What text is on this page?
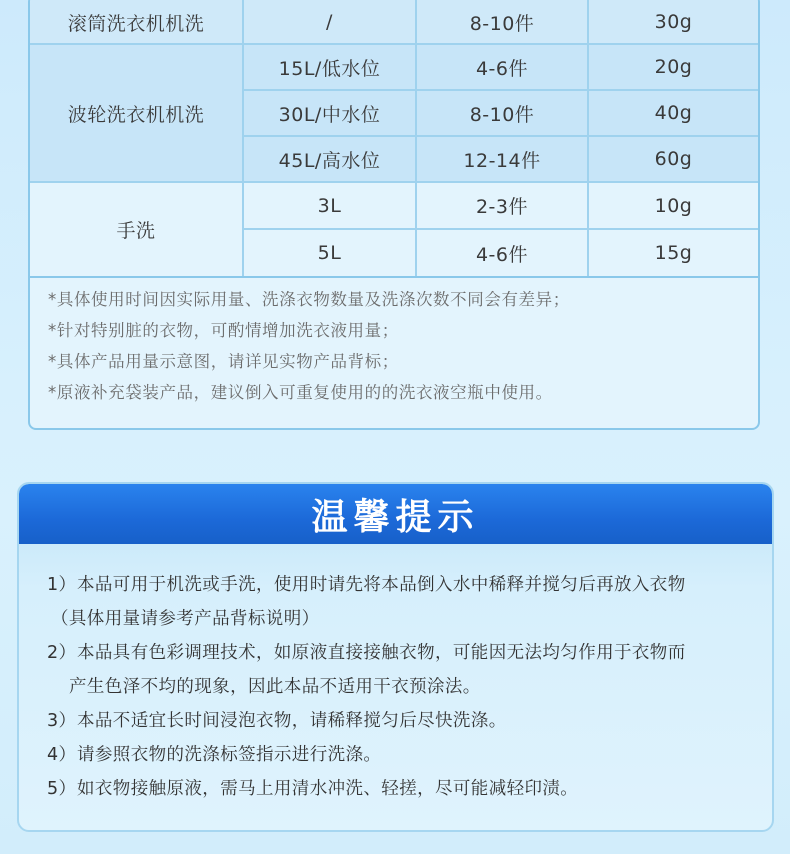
滚筒洗衣机机洗	/	8-10件	30g
波轮洗衣机机洗
15L/低水位	4-6件	20g
30L/中水位	8-10件	40g
45L/高水位	12-14件	60g
手洗
3L	2-3件	10g
5L	4-6件	15g
*具体使用时间因实际用量、洗涤衣物数量及洗涤次数不同会有差异；
*针对特别脏的衣物，可酌情增加洗衣液用量；
*具体产品用量示意图，请详见实物产品背标；
*原液补充袋装产品，建议倒入可重复使用的的洗衣液空瓶中使用。
温馨提示
1）本品可用于机洗或手洗，使用时请先将本品倒入水中稀释并搅匀后再放入衣物
（具体用量请参考产品背标说明）
2）本品具有色彩调理技术，如原液直接接触衣物，可能因无法均匀作用于衣物而
产生色泽不均的现象，因此本品不适用干衣预涂法。
3）本品不适宜长时间浸泡衣物，请稀释搅匀后尽快洗涤。
4）请参照衣物的洗涤标签指示进行洗涤。
5）如衣物接触原液，需马上用清水冲洗、轻搓，尽可能减轻印渍。
